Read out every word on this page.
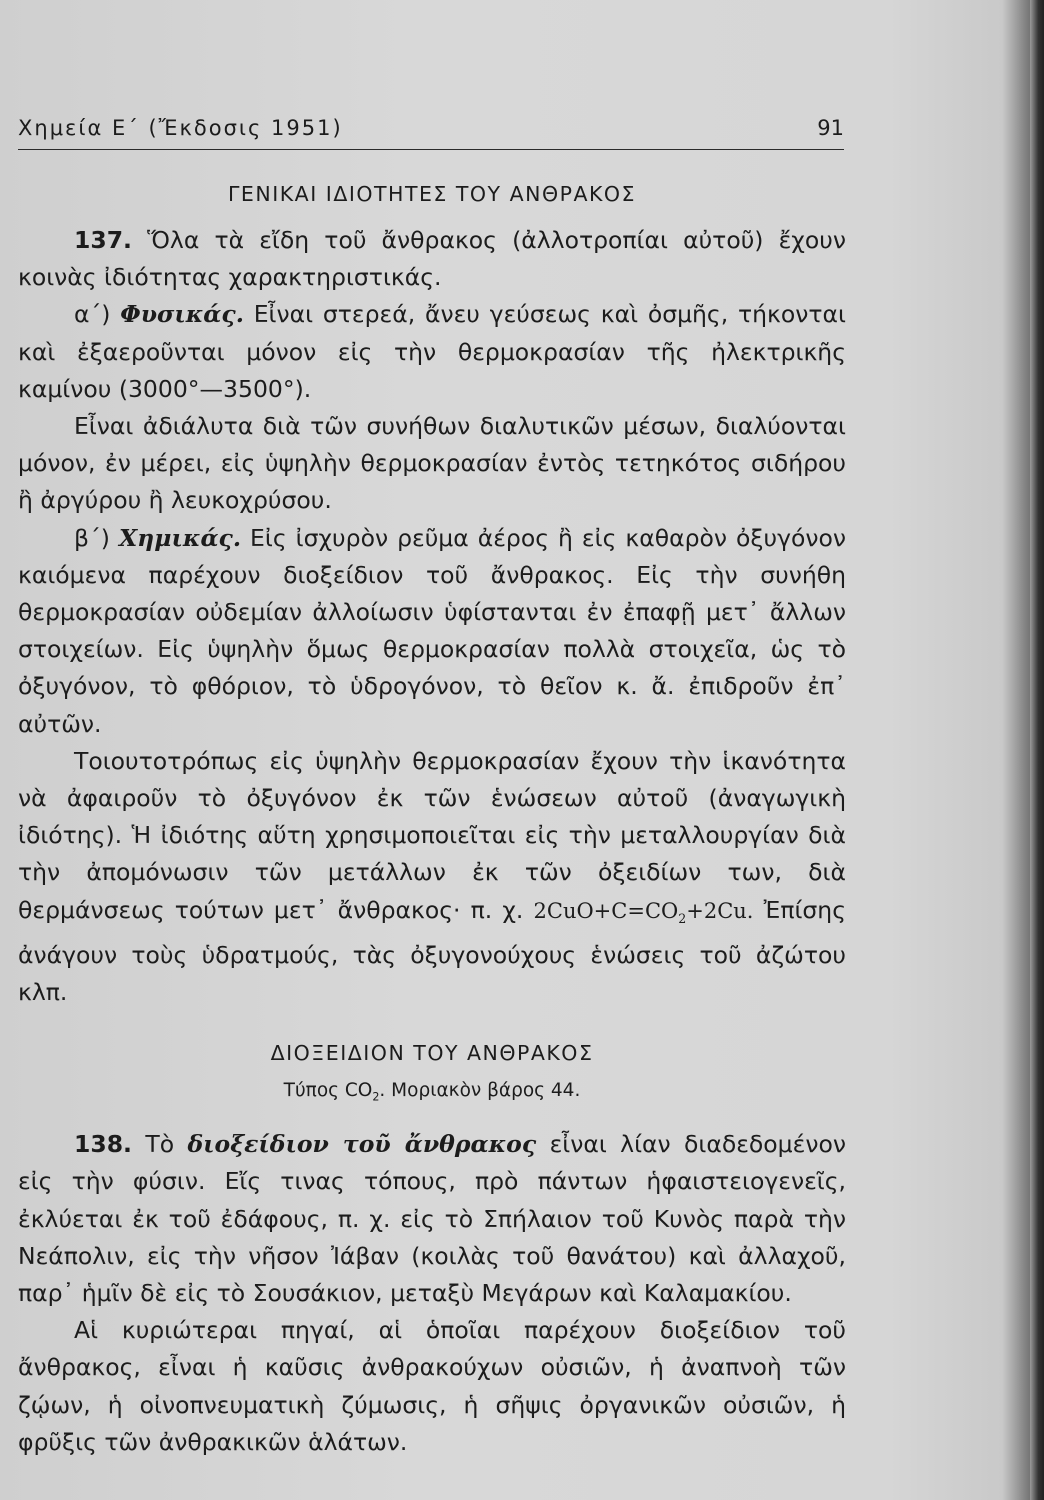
Χημεία Ε΄ (Ἔκδοσις 1951)	91
ΓΕΝΙΚΑΙ ΙΔΙΟΤΗΤΕΣ ΤΟΥ ΑΝΘΡΑΚΟΣ

137. Ὅλα τὰ εἴδη τοῦ ἄνθρακος (ἀλλοτροπίαι αὐτοῦ) ἔχουν κοινὰς ἰδιότητας χαρακτηριστικάς.

α΄) Φυσικάς. Εἶναι στερεά, ἄνευ γεύσεως καὶ ὀσμῆς, τήκονται καὶ ἐξαεροῦνται μόνον εἰς τὴν θερμοκρασίαν τῆς ἠλεκτρικῆς καμίνου (3000°—3500°).

Εἶναι ἀδιάλυτα διὰ τῶν συνήθων διαλυτικῶν μέσων, διαλύονται μόνον, ἐν μέρει, εἰς ὑψηλὴν θερμοκρασίαν ἐντὸς τετηκότος σιδήρου ἢ ἀργύρου ἢ λευκοχρύσου.

β΄) Χημικάς. Εἰς ἰσχυρὸν ρεῦμα ἀέρος ἢ εἰς καθαρὸν ὀξυγόνον καιόμενα παρέχουν διοξείδιον τοῦ ἄνθρακος. Εἰς τὴν συνήθη θερμοκρασίαν οὐδεμίαν ἀλλοίωσιν ὑφίστανται ἐν ἐπαφῇ μετ᾽ ἄλλων στοιχείων. Εἰς ὑψηλὴν ὅμως θερμοκρασίαν πολλὰ στοιχεῖα, ὡς τὸ ὀξυγόνον, τὸ φθόριον, τὸ ὑδρογόνον, τὸ θεῖον κ. ἄ. ἐπιδροῦν ἐπ᾽ αὐτῶν.

Τοιουτοτρόπως εἰς ὑψηλὴν θερμοκρασίαν ἔχουν τὴν ἱκανότητα νὰ ἀφαιροῦν τὸ ὀξυγόνον ἐκ τῶν ἑνώσεων αὐτοῦ (ἀναγωγικὴ ἰδιότης). Ἡ ἰδιότης αὕτη χρησιμοποιεῖται εἰς τὴν μεταλλουργίαν διὰ τὴν ἀπομόνωσιν τῶν μετάλλων ἐκ τῶν ὀξειδίων των, διὰ θερμάνσεως τούτων μετ᾽ ἄνθρακος· π. χ. $2CuO+C=CO_2+2Cu$. Ἐπίσης ἀνάγουν τοὺς ὑδρατμούς, τὰς ὀξυγονούχους ἑνώσεις τοῦ ἀζώτου κλπ.

ΔΙΟΞΕΙΔΙΟΝ ΤΟΥ ΑΝΘΡΑΚΟΣ
Τύπος $CO_2$. Μοριακὸν βάρος 44.

138. Τὸ διοξείδιον τοῦ ἄνθρακος εἶναι λίαν διαδεδομένον εἰς τὴν φύσιν. Εἴς τινας τόπους, πρὸ πάντων ἡφαιστειογενεῖς, ἐκλύεται ἐκ τοῦ ἐδάφους, π. χ. εἰς τὸ Σπήλαιον τοῦ Κυνὸς παρὰ τὴν Νεάπολιν, εἰς τὴν νῆσον Ἰάβαν (κοιλὰς τοῦ θανάτου) καὶ ἀλλαχοῦ, παρ᾽ ἡμῖν δὲ εἰς τὸ Σουσάκιον, μεταξὺ Μεγάρων καὶ Καλαμακίου.

Αἱ κυριώτεραι πηγαί, αἱ ὁποῖαι παρέχουν διοξείδιον τοῦ ἄνθρακος, εἶναι ἡ καῦσις ἀνθρακούχων οὐσιῶν, ἡ ἀναπνοὴ τῶν ζῴων, ἡ οἰνοπνευματικὴ ζύμωσις, ἡ σῆψις ὀργανικῶν οὐσιῶν, ἡ φρῦξις τῶν ἀνθρακικῶν ἁλάτων.
